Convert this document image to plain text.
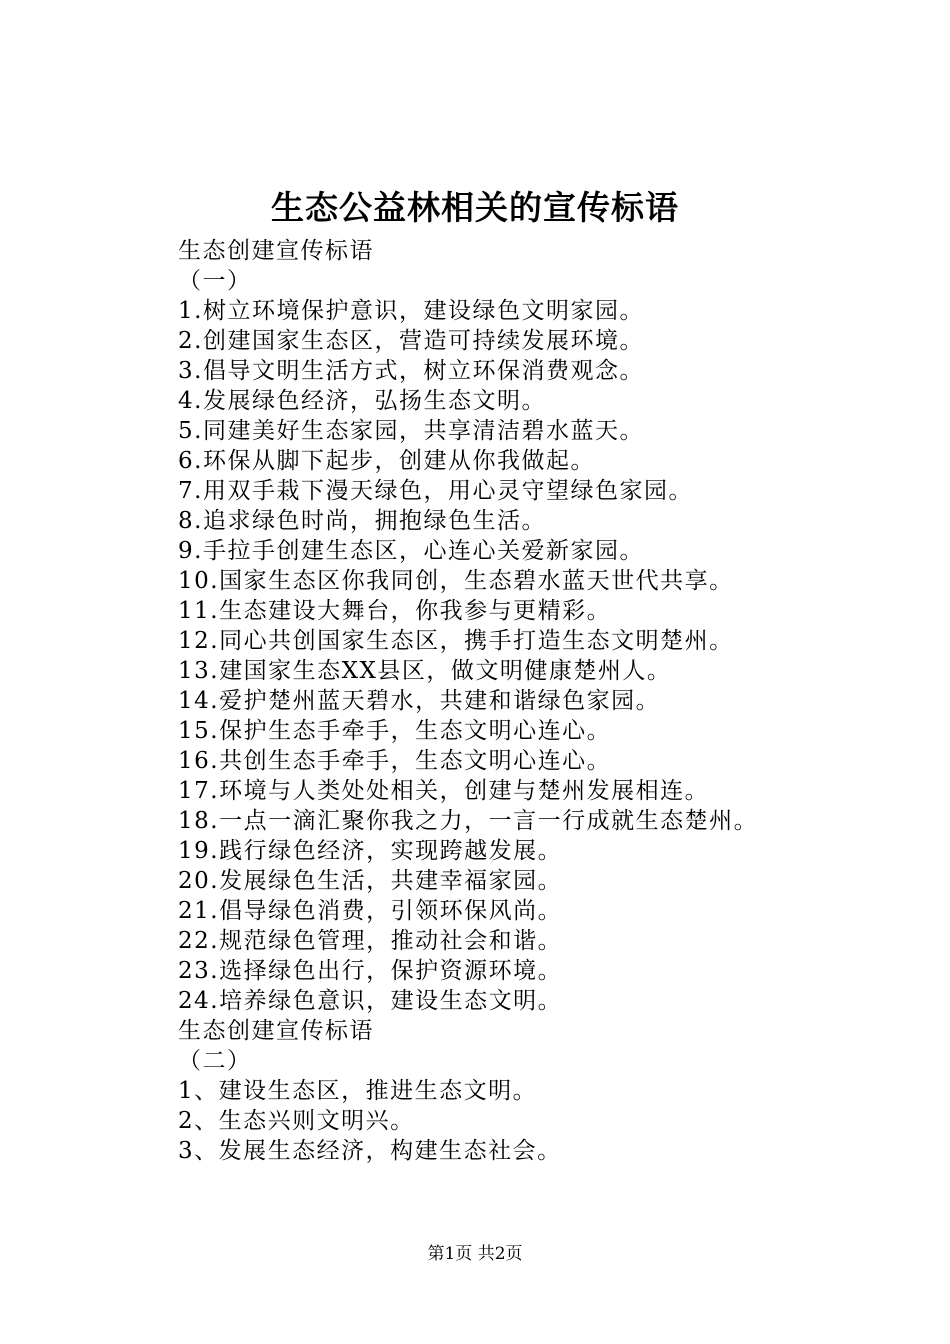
生态公益林相关的宣传标语
生态创建宣传标语
（一）
1.树立环境保护意识，建设绿色文明家园。
2.创建国家生态区，营造可持续发展环境。
3.倡导文明生活方式，树立环保消费观念。
4.发展绿色经济，弘扬生态文明。
5.同建美好生态家园，共享清洁碧水蓝天。
6.环保从脚下起步，创建从你我做起。
7.用双手栽下漫天绿色，用心灵守望绿色家园。
8.追求绿色时尚，拥抱绿色生活。
9.手拉手创建生态区，心连心关爱新家园。
10.国家生态区你我同创，生态碧水蓝天世代共享。
11.生态建设大舞台，你我参与更精彩。
12.同心共创国家生态区，携手打造生态文明楚州。
13.建国家生态XX县区，做文明健康楚州人。
14.爱护楚州蓝天碧水，共建和谐绿色家园。
15.保护生态手牵手，生态文明心连心。
16.共创生态手牵手，生态文明心连心。
17.环境与人类处处相关，创建与楚州发展相连。
18.一点一滴汇聚你我之力，一言一行成就生态楚州。
19.践行绿色经济，实现跨越发展。
20.发展绿色生活，共建幸福家园。
21.倡导绿色消费，引领环保风尚。
22.规范绿色管理，推动社会和谐。
23.选择绿色出行，保护资源环境。
24.培养绿色意识，建设生态文明。
生态创建宣传标语
（二）
1、建设生态区，推进生态文明。
2、生态兴则文明兴。
3、发展生态经济，构建生态社会。
第1页 共2页
